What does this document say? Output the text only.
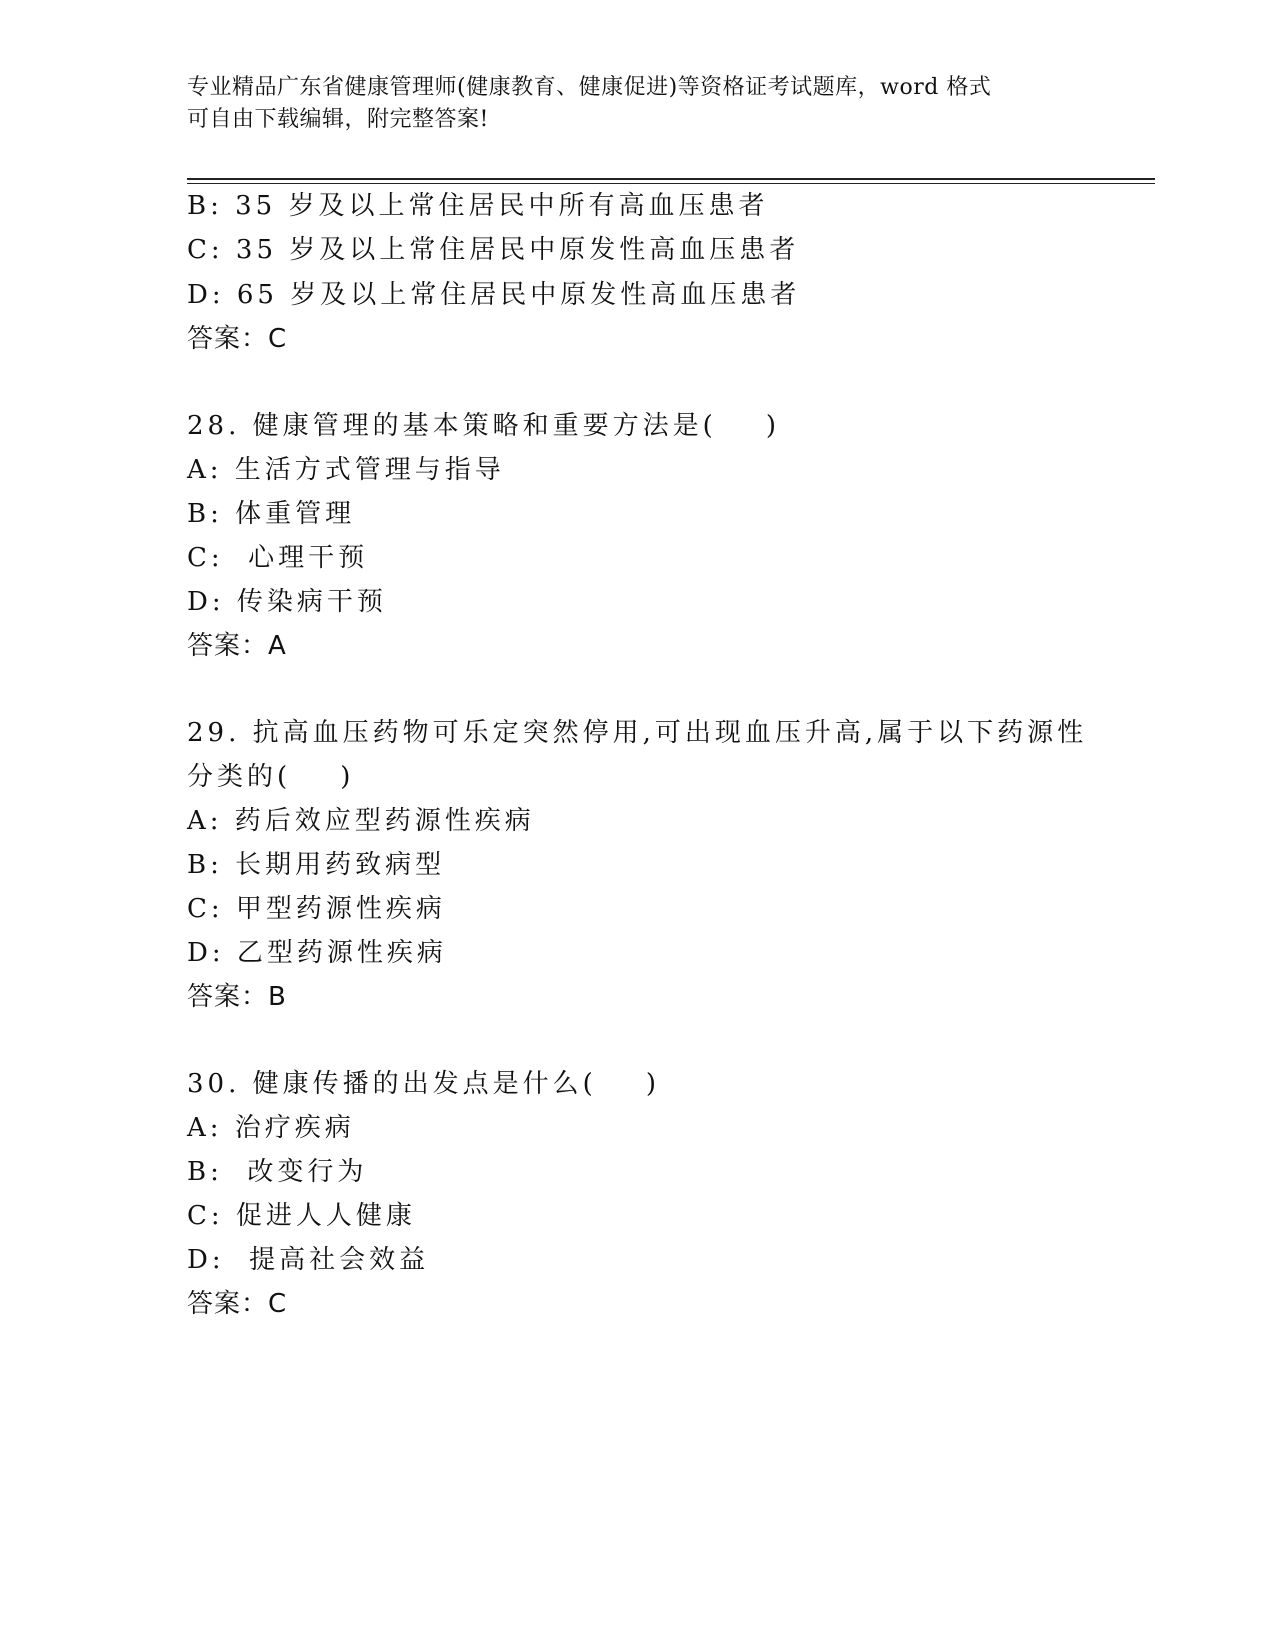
专业精品广东省健康管理师(健康教育、健康促进)等资格证考试题库，word 格式
可自由下载编辑，附完整答案!
B: 35 岁及以上常住居民中所有高血压患者
C: 35 岁及以上常住居民中原发性高血压患者
D: 65 岁及以上常住居民中原发性高血压患者
答案：C
28. 健康管理的基本策略和重要方法是(    )
A: 生活方式管理与指导
B: 体重管理
C:  心理干预
D: 传染病干预
答案：A
29. 抗高血压药物可乐定突然停用,可出现血压升高,属于以下药源性
分类的(    )
A: 药后效应型药源性疾病
B: 长期用药致病型
C: 甲型药源性疾病
D: 乙型药源性疾病
答案：B
30. 健康传播的出发点是什么(    )
A: 治疗疾病
B:  改变行为
C: 促进人人健康
D:  提高社会效益
答案：C
